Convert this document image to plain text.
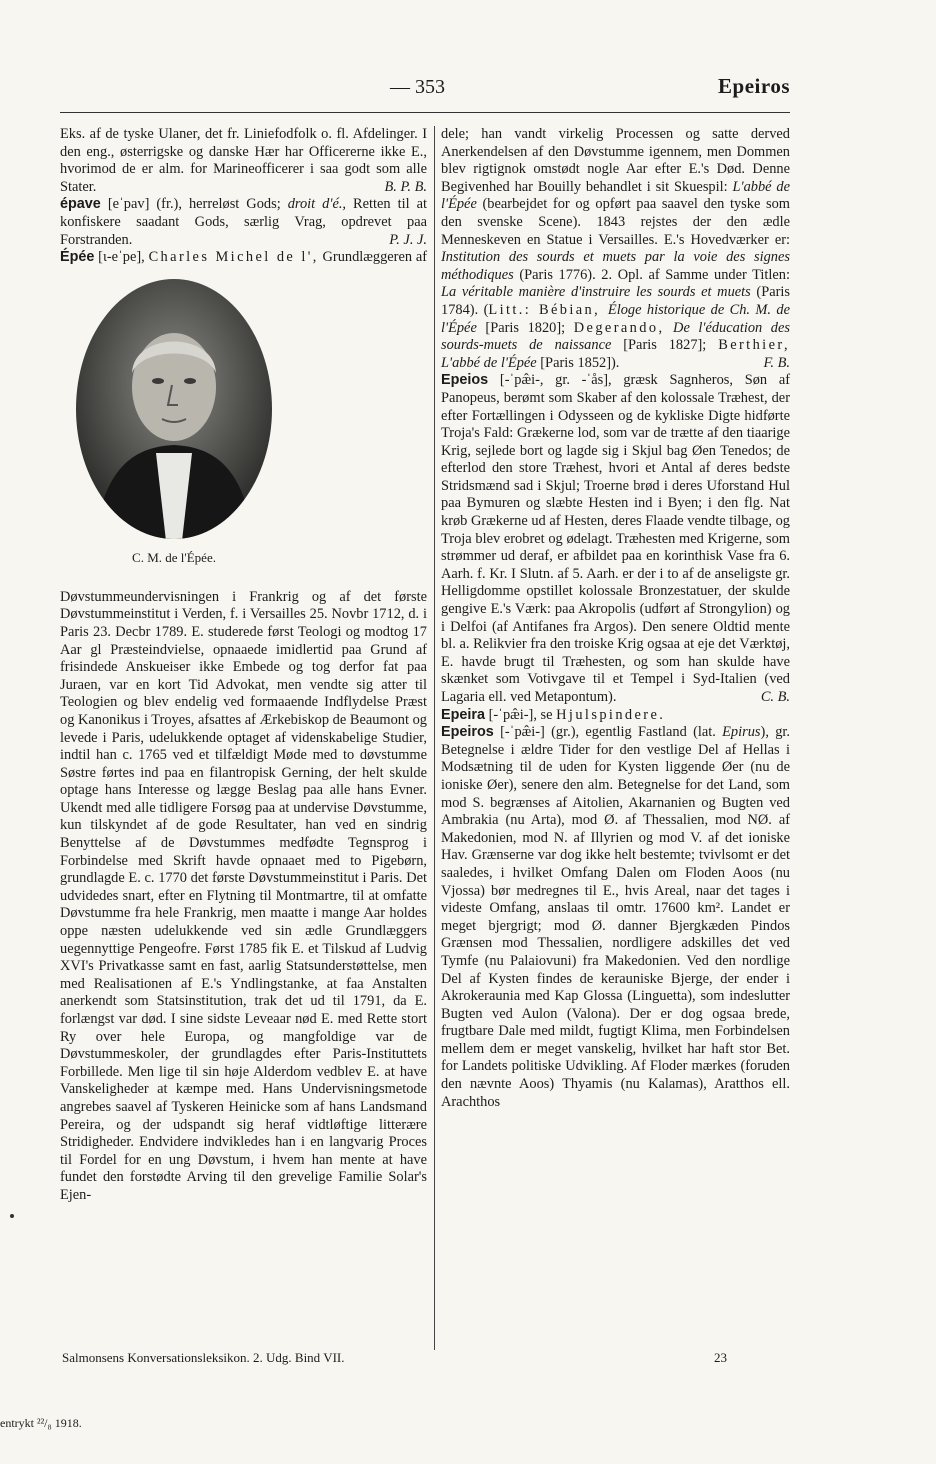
— 353	Epeiros

Eks. af de tyske Ulaner, det fr. Liniefodfolk o. fl. Afdelinger. I den eng., østerrigske og danske Hær har Officererne ikke E., hvorimod de er alm. for Marineofficerer i saa godt som alle Stater.	B. P. B.

épave [eˈpav] (fr.), herreløst Gods; droit d'é., Retten til at konfiskere saadant Gods, særlig Vrag, opdrevet paa Forstranden.	P. J. J.

Épée [ɩ-eˈpe], Charles Michel de l',
C. M. de l'Épée.
Grundlæggeren af Døvstummeundervisningen i Frankrig og af det første Døvstummeinstitut i Verden, f. i Versailles 25. Novbr 1712, d. i Paris 23. Decbr 1789. E. studerede først Teologi og modtog 17 Aar gl Præsteindvielse, opnaaede imidlertid paa Grund af frisindede Anskueiser ikke Embede og tog derfor fat paa Juraen, var en kort Tid Advokat, men vendte sig atter til Teologien og blev endelig ved formaaende Indflydelse Præst og Kanonikus i Troyes, afsattes af Ærkebiskop de Beaumont og levede i Paris, udelukkende optaget af videnskabelige Studier, indtil han c. 1765 ved et tilfældigt Møde med to døvstumme Søstre førtes ind paa en filantropisk Gerning, der helt skulde optage hans Interesse og lægge Beslag paa alle hans Evner. Ukendt med alle tidligere Forsøg paa at undervise Døvstumme, kun tilskyndet af de gode Resultater, han ved en sindrig Benyttelse af de Døvstummes medfødte Tegnsprog i Forbindelse med Skrift havde opnaaet med to Pigebørn, grundlagde E. c. 1770 det første Døvstummeinstitut i Paris. Det udvidedes snart, efter en Flytning til Montmartre, til at omfatte Døvstumme fra hele Frankrig, men maatte i mange Aar holdes oppe næsten udelukkende ved sin ædle Grundlæggers uegennyttige Pengeofre. Først 1785 fik E. et Tilskud af Ludvig XVI's Privatkasse samt en fast, aarlig Statsunderstøttelse, men med Realisationen af E.'s Yndlingstanke, at faa Anstalten anerkendt som Statsinstitution, trak det ud til 1791, da E. forlængst var død. I sine sidste Leveaar nød E. med Rette stort Ry over hele Europa, og mangfoldige var de Døvstummeskoler, der grundlagdes efter Paris-Instituttets Forbillede. Men lige til sin høje Alderdom vedblev E. at have Vanskeligheder at kæmpe med. Hans Undervisningsmetode angrebes saavel af Tyskeren Heinicke som af hans Landsmand Pereira, og der udspandt sig heraf vidtløftige litterære Stridigheder. Endvidere indvikledes han i en langvarig Proces til Fordel for en ung Døvstum, i hvem han mente at have fundet den forstødte Arving til den grevelige Familie Solar's Ejen-

dele; han vandt virkelig Processen og satte derved Anerkendelsen af den Døvstumme igennem, men Dommen blev rigtignok omstødt nogle Aar efter E.'s Død. Denne Begivenhed har Bouilly behandlet i sit Skuespil: L'abbé de l'Épée (bearbejdet for og opført paa saavel den tyske som den svenske Scene). 1843 rejstes der den ædle Menneskeven en Statue i Versailles. E.'s Hovedværker er: Institution des sourds et muets par la voie des signes méthodiques (Paris 1776). 2. Opl. af Samme under Titlen: La véritable manière d'instruire les sourds et muets (Paris 1784). (Litt.: Bébian, Éloge historique de Ch. M. de l'Épée [Paris 1820]; Degerando, De l'éducation des sourds-muets de naissance [Paris 1827]; Berthier, L'abbé de l'Épée [Paris 1852]).	F. B.

Epeios [-ˈpæ̂i-, gr. -ˈås], græsk Sagnheros, Søn af Panopeus, berømt som Skaber af den kolossale Træhest, der efter Fortællingen i Odysseen og de kykliske Digte hidførte Troja's Fald: Grækerne lod, som var de trætte af den tiaarige Krig, sejlede bort og lagde sig i Skjul bag Øen Tenedos; de efterlod den store Træhest, hvori et Antal af deres bedste Stridsmænd sad i Skjul; Troerne brød i deres Uforstand Hul paa Bymuren og slæbte Hesten ind i Byen; i den flg. Nat krøb Grækerne ud af Hesten, deres Flaade vendte tilbage, og Troja blev erobret og ødelagt. Træhesten med Krigerne, som strømmer ud deraf, er afbildet paa en korinthisk Vase fra 6. Aarh. f. Kr. I Slutn. af 5. Aarh. er der i to af de anseligste gr. Helligdomme opstillet kolossale Bronzestatuer, der skulde gengive E.'s Værk: paa Akropolis (udført af Strongylion) og i Delfoi (af Antifanes fra Argos). Den senere Oldtid mente bl. a. Relikvier fra den troiske Krig ogsaa at eje det Værktøj, E. havde brugt til Træhesten, og som han skulde have skænket som Votivgave til et Tempel i Syd-Italien (ved Lagaria ell. ved Metapontum).	C. B.

Epeira [-ˈpæ̂i-], se Hjulspindere.

Epeiros [-ˈpæ̂i-] (gr.), egentlig Fastland (lat. Epirus), gr. Betegnelse i ældre Tider for den vestlige Del af Hellas i Modsætning til de uden for Kysten liggende Øer (nu de ioniske Øer), senere den alm. Betegnelse for det Land, som mod S. begrænses af Aitolien, Akarnanien og Bugten ved Ambrakia (nu Arta), mod Ø. af Thessalien, mod NØ. af Makedonien, mod N. af Illyrien og mod V. af det ioniske Hav. Grænserne var dog ikke helt bestemte; tvivlsomt er det saaledes, i hvilket Omfang Dalen om Floden Aoos (nu Vjossa) bør medregnes til E., hvis Areal, naar det tages i videste Omfang, anslaas til omtr. 17600 km². Landet er meget bjergrigt; mod Ø. danner Bjergkæden Pindos Grænsen mod Thessalien, nordligere adskilles det ved Tymfe (nu Palaiovuni) fra Makedonien. Ved den nordlige Del af Kysten findes de kerauniske Bjerge, der ender i Akrokeraunia med Kap Glossa (Linguetta), som indeslutter Bugten ved Aulon (Valona). Der er dog ogsaa brede, frugtbare Dale med mildt, fugtigt Klima, men Forbindelsen mellem dem er meget vanskelig, hvilket har haft stor Bet. for Landets politiske Udvikling. Af Floder mærkes (foruden den nævnte Aoos) Thyamis (nu Kalamas), Aratthos ell. Arachthos

Salmonsens Konversationsleksikon. 2. Udg. Bind VII.	23
entrykt ²²/₈ 1918.
